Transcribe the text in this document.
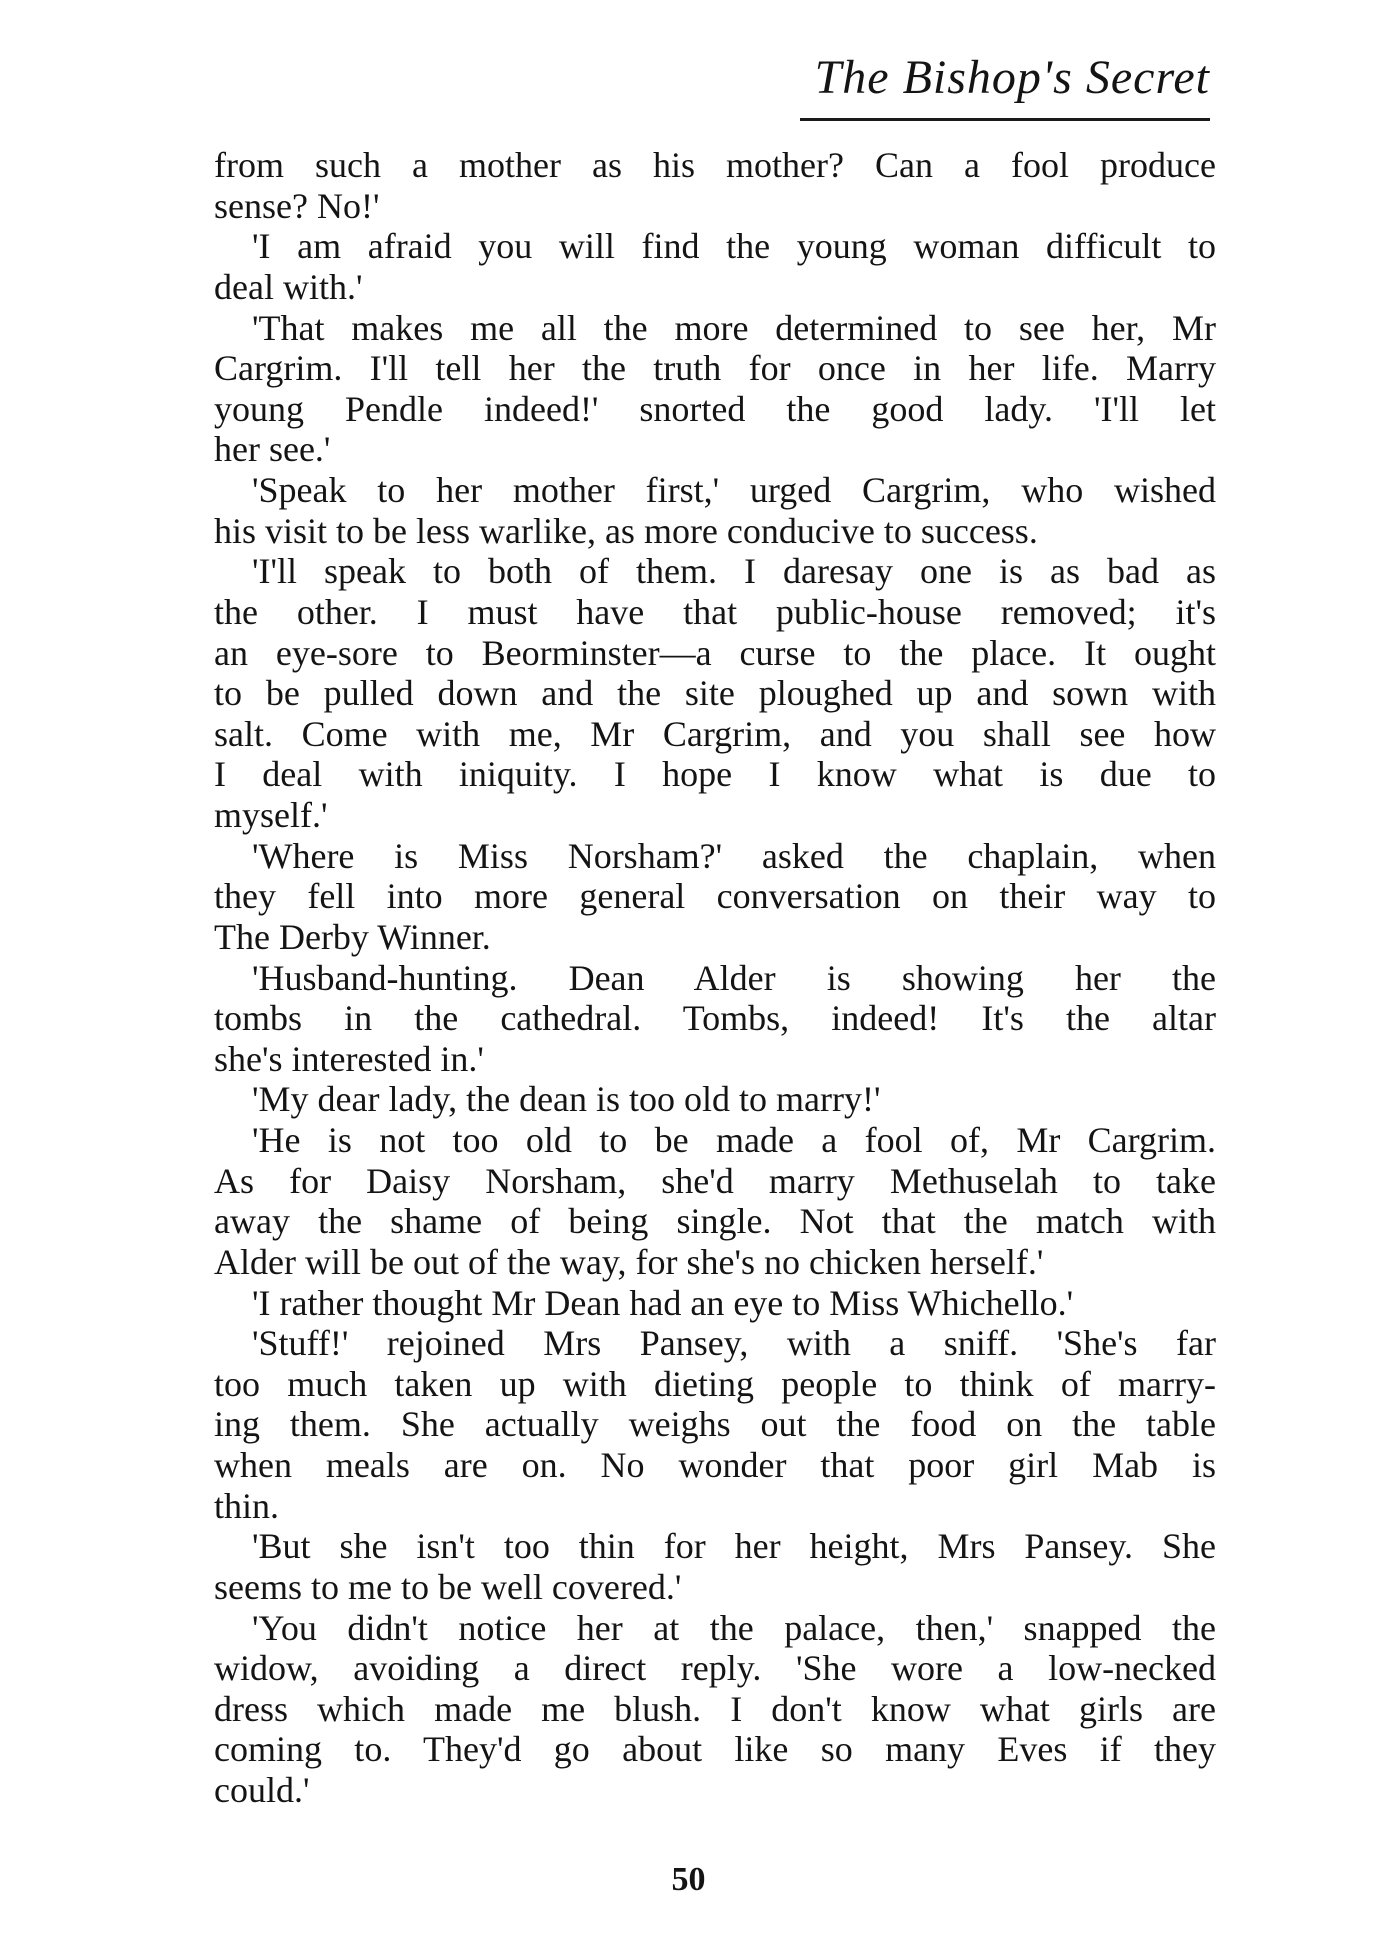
The Bishop's Secret
from such a mother as his mother? Can a fool produce
sense? No!'
'I am afraid you will find the young woman difficult to
deal with.'
'That makes me all the more determined to see her, Mr
Cargrim. I'll tell her the truth for once in her life. Marry
young Pendle indeed!' snorted the good lady. 'I'll let
her see.'
'Speak to her mother first,' urged Cargrim, who wished
his visit to be less warlike, as more conducive to success.
'I'll speak to both of them. I daresay one is as bad as
the other. I must have that public-house removed; it's
an eye-sore to Beorminster—a curse to the place. It ought
to be pulled down and the site ploughed up and sown with
salt. Come with me, Mr Cargrim, and you shall see how
I deal with iniquity. I hope I know what is due to
myself.'
'Where is Miss Norsham?' asked the chaplain, when
they fell into more general conversation on their way to
The Derby Winner.
'Husband-hunting. Dean Alder is showing her the
tombs in the cathedral. Tombs, indeed! It's the altar
she's interested in.'
'My dear lady, the dean is too old to marry!'
'He is not too old to be made a fool of, Mr Cargrim.
As for Daisy Norsham, she'd marry Methuselah to take
away the shame of being single. Not that the match with
Alder will be out of the way, for she's no chicken herself.'
'I rather thought Mr Dean had an eye to Miss Whichello.'
'Stuff!' rejoined Mrs Pansey, with a sniff. 'She's far
too much taken up with dieting people to think of marry-
ing them. She actually weighs out the food on the table
when meals are on. No wonder that poor girl Mab is
thin.
'But she isn't too thin for her height, Mrs Pansey. She
seems to me to be well covered.'
'You didn't notice her at the palace, then,' snapped the
widow, avoiding a direct reply. 'She wore a low-necked
dress which made me blush. I don't know what girls are
coming to. They'd go about like so many Eves if they
could.'
50
